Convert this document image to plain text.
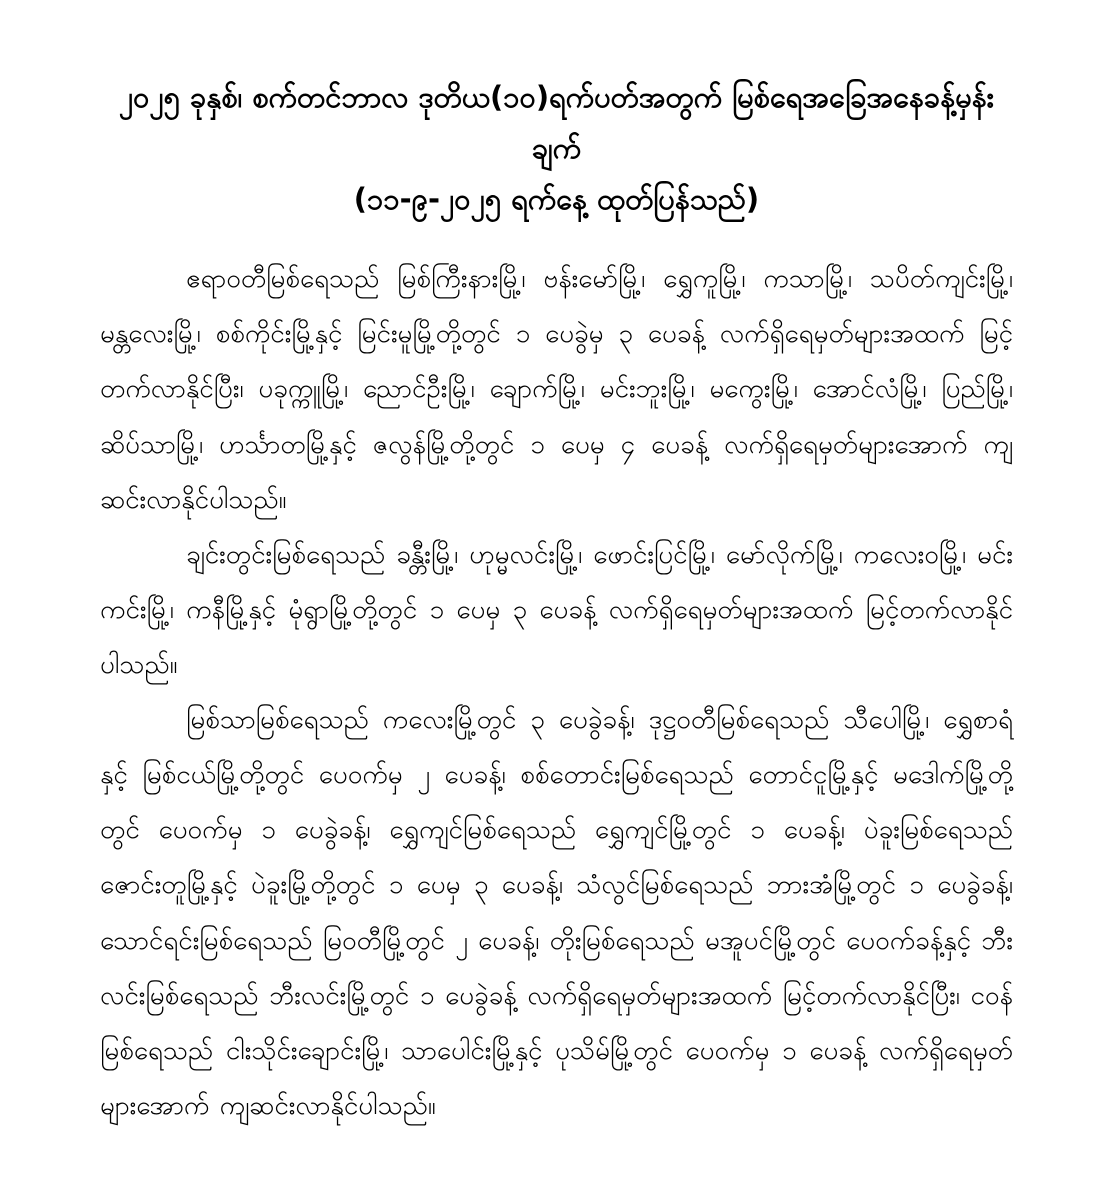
၂၀၂၅ ခုနှစ်၊ စက်တင်ဘာလ ဒုတိယ(၁၀)ရက်ပတ်အတွက် မြစ်ရေအခြေအနေခန့်မှန်းချက်
(၁၁-၉-၂၀၂၅ ရက်နေ့ ထုတ်ပြန်သည်)

ဧရာဝတီမြစ်ရေသည် မြစ်ကြီးနားမြို့၊ ဗန်းမော်မြို့၊ ရွှေကူမြို့၊ ကသာမြို့၊ သပိတ်ကျင်းမြို့၊ မန္တလေးမြို့၊ စစ်ကိုင်းမြို့နှင့် မြင်းမူမြို့တို့တွင် ၁ ပေခွဲမှ ၃ ပေခန့် လက်ရှိရေမှတ်များအထက် မြင့်တက်လာနိုင်ပြီး၊ ပခုက္ကူမြို့၊ ညောင်ဦးမြို့၊ ချောက်မြို့၊ မင်းဘူးမြို့၊ မကွေးမြို့၊ အောင်လံမြို့၊ ပြည်မြို့၊ ဆိပ်သာမြို့၊ ဟင်္သာတမြို့နှင့် ဇလွန်မြို့တို့တွင် ၁ ပေမှ ၄ ပေခန့် လက်ရှိရေမှတ်များအောက် ကျဆင်းလာနိုင်ပါသည်။

ချင်းတွင်းမြစ်ရေသည် ခန္တီးမြို့၊ ဟုမ္မလင်းမြို့၊ ဖောင်းပြင်မြို့၊ မော်လိုက်မြို့၊ ကလေးဝမြို့၊ မင်းကင်းမြို့၊ ကနီမြို့နှင့် မုံရွာမြို့တို့တွင် ၁ ပေမှ ၃ ပေခန့် လက်ရှိရေမှတ်များအထက် မြင့်တက်လာနိုင်ပါသည်။

မြစ်သာမြစ်ရေသည် ကလေးမြို့တွင် ၃ ပေခွဲခန့်၊ ဒုဋ္ဌဝတီမြစ်ရေသည် သီပေါမြို့၊ ရွှေစာရံနှင့် မြစ်ငယ်မြို့တို့တွင် ပေဝက်မှ ၂ ပေခန့်၊ စစ်တောင်းမြစ်ရေသည် တောင်ငူမြို့နှင့် မဒေါက်မြို့တို့တွင် ပေဝက်မှ ၁ ပေခွဲခန့်၊ ရွှေကျင်မြစ်ရေသည် ရွှေကျင်မြို့တွင် ၁ ပေခန့်၊ ပဲခူးမြစ်ရေသည် ဇောင်းတူမြို့နှင့် ပဲခူးမြို့တို့တွင် ၁ ပေမှ ၃ ပေခန့်၊ သံလွင်မြစ်ရေသည် ဘားအံမြို့တွင် ၁ ပေခွဲခန့်၊ သောင်ရင်းမြစ်ရေသည် မြဝတီမြို့တွင် ၂ ပေခန့်၊ တိုးမြစ်ရေသည် မအူပင်မြို့တွင် ပေဝက်ခန့်နှင့် ဘီးလင်းမြစ်ရေသည် ဘီးလင်းမြို့တွင် ၁ ပေခွဲခန့် လက်ရှိရေမှတ်များအထက် မြင့်တက်လာနိုင်ပြီး၊ ငဝန်မြစ်ရေသည် ငါးသိုင်းချောင်းမြို့၊ သာပေါင်းမြို့နှင့် ပုသိမ်မြို့တွင် ပေဝက်မှ ၁ ပေခန့် လက်ရှိရေမှတ်များအောက် ကျဆင်းလာနိုင်ပါသည်။
